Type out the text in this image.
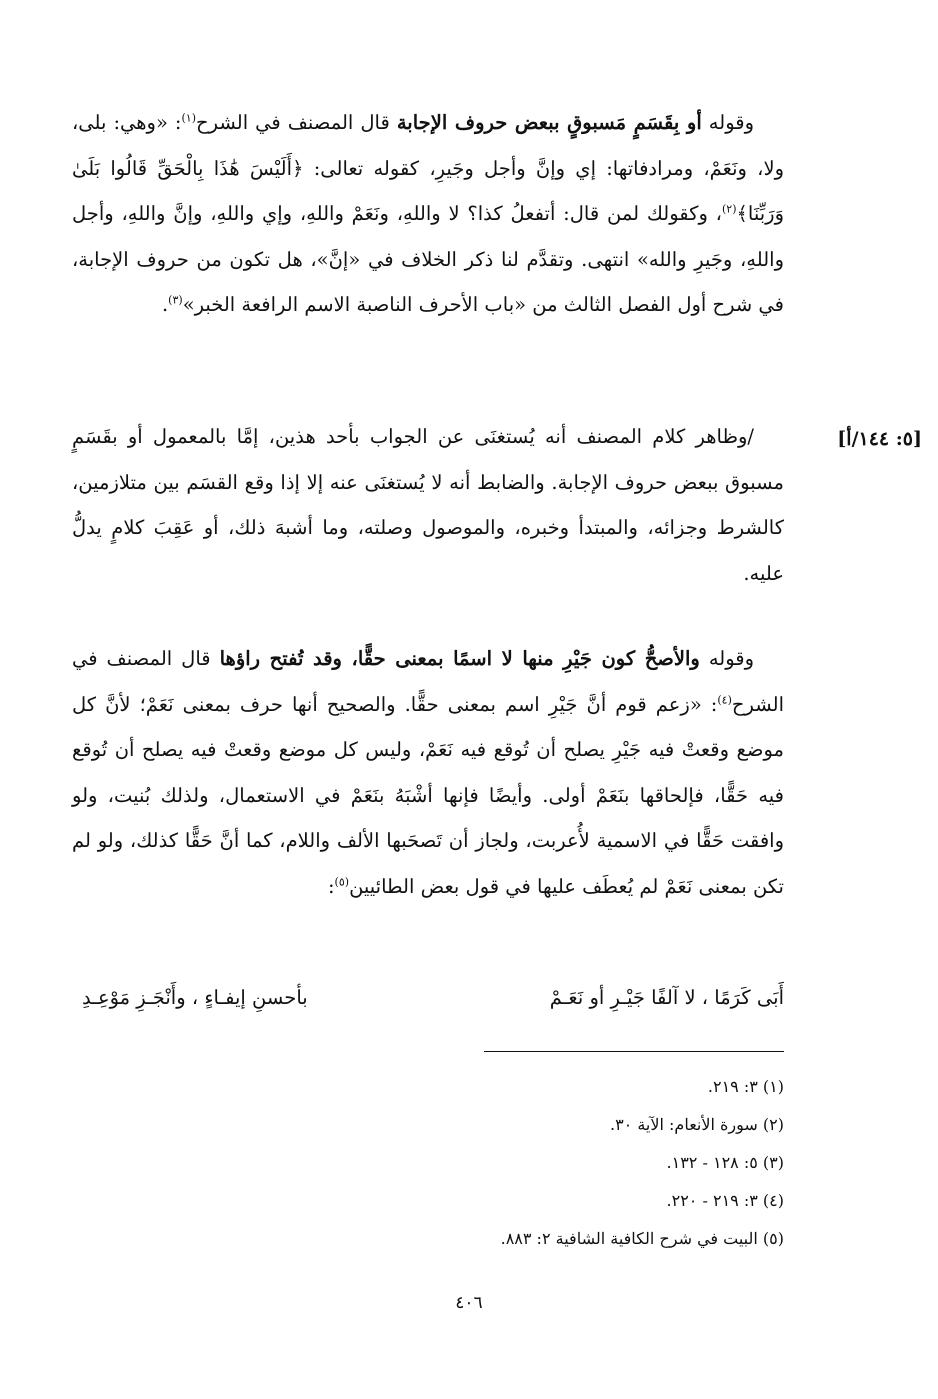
وقوله أو بِقَسَمٍ مَسبوقٍ ببعض حروف الإجابة قال المصنف في الشرح$^{(١)}$: «وهي: بلى، ولا، ونَعَمْ، ومرادفاتها: إي وإنَّ وأجل وجَيرِ، كقوله تعالى: ﴿أَلَيْسَ هَٰذَا بِالْحَقِّ قَالُوا بَلَىٰ وَرَبِّنَا﴾$^{(٢)}$، وكقولك لمن قال: أتفعلُ كذا؟ لا واللهِ، ونَعَمْ واللهِ، وإي واللهِ، وإنَّ واللهِ، وأجل واللهِ، وجَيرِ والله» انتهى. وتقدَّم لنا ذكر الخلاف في «إنَّ»، هل تكون من حروف الإجابة، في شرح أول الفصل الثالث من «باب الأحرف الناصبة الاسم الرافعة الخبر»$^{(٣)}$.
[٥: ١٤٤/أ]
/وظاهر كلام المصنف أنه يُستغنَى عن الجواب بأحد هذين، إمَّا بالمعمول أو بقَسَمٍ مسبوق ببعض حروف الإجابة. والضابط أنه لا يُستغنَى عنه إلا إذا وقع القسَم بين متلازمين، كالشرط وجزائه، والمبتدأ وخبره، والموصول وصلته، وما أشبهَ ذلك، أو عَقِبَ كلامٍ يدلُّ عليه.
وقوله والأصحُّ كون جَيْرِ منها لا اسمًا بمعنى حقًّا، وقد تُفتح راؤها قال المصنف في الشرح$^{(٤)}$: «زعم قوم أنَّ جَيْرِ اسم بمعنى حقًّا. والصحيح أنها حرف بمعنى نَعَمْ؛ لأنَّ كل موضع وقعتْ فيه جَيْرِ يصلح أن تُوقع فيه نَعَمْ، وليس كل موضع وقعتْ فيه يصلح أن تُوقع فيه حَقًّا، فإلحاقها بنَعَمْ أولى. وأيضًا فإنها أشْبَهُ بنَعَمْ في الاستعمال، ولذلك بُنيت، ولو وافقت حَقًّا في الاسمية لأُعربت، ولجاز أن تَصحَبها الألف واللام، كما أنَّ حَقًّا كذلك، ولو لم تكن بمعنى نَعَمْ لم يُعطَف عليها في قول بعض الطائيين$^{(٥)}$:
أَبَى كَرَمًا ، لا آلفًا جَيْـرِ أو نَعَـمْ
بأحسنِ إيفـاءٍ ، وأَنْجَـزِ مَوْعِـدِ
(١) ٣: ٢١٩.
(٢) سورة الأنعام: الآية ٣٠.
(٣) ٥: ١٢٨ - ١٣٢.
(٤) ٣: ٢١٩ - ٢٢٠.
(٥) البيت في شرح الكافية الشافية ٢: ٨٨٣.
٤٠٦
